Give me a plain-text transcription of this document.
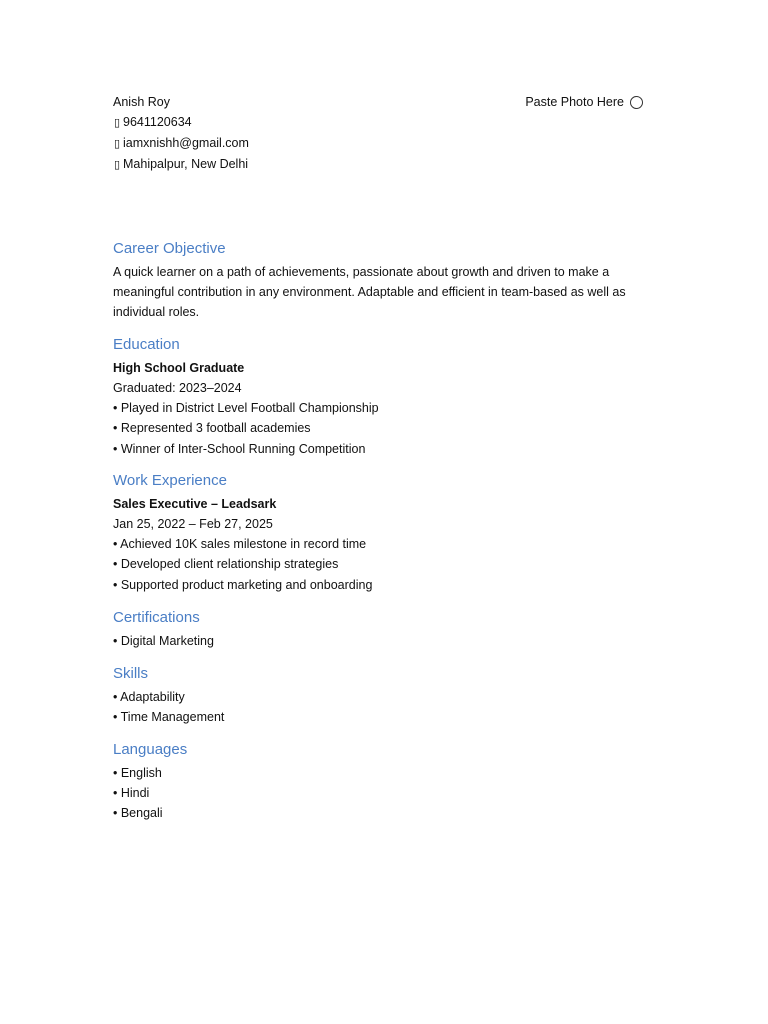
Anish Roy
▯ 9641120634
▯ iamxnishh@gmail.com
▯ Mahipalpur, New Delhi
Paste Photo Here
Career Objective
A quick learner on a path of achievements, passionate about growth and driven to make a meaningful contribution in any environment. Adaptable and efficient in team-based as well as individual roles.
Education
High School Graduate
Graduated: 2023–2024
• Played in District Level Football Championship
• Represented 3 football academies
• Winner of Inter-School Running Competition
Work Experience
Sales Executive – Leadsark
Jan 25, 2022 – Feb 27, 2025
• Achieved 10K sales milestone in record time
• Developed client relationship strategies
• Supported product marketing and onboarding
Certifications
• Digital Marketing
Skills
• Adaptability
• Time Management
Languages
• English
• Hindi
• Bengali
